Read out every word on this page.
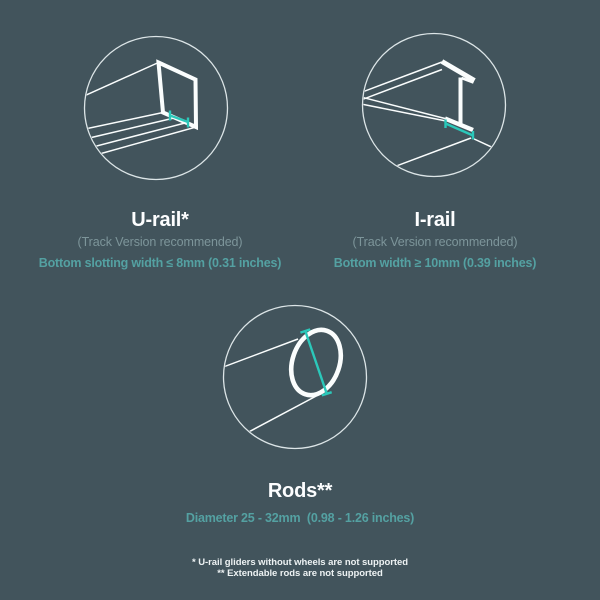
U-rail*

(Track Version recommended)

Bottom slotting width ≤ 8mm (0.31 inches)

I-rail

(Track Version recommended)

Bottom width ≥ 10mm (0.39 inches)

Rods**

Diameter 25 - 32mm  (0.98 - 1.26 inches)

* U-rail gliders without wheels are not supported

** Extendable rods are not supported
